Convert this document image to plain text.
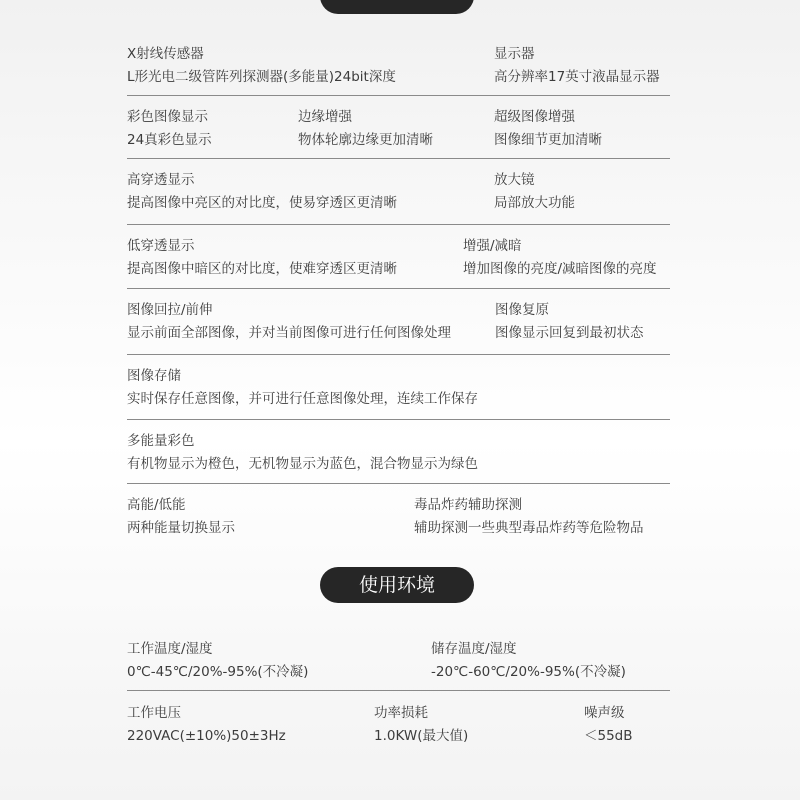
X射线传感器
L形光电二级管阵列探测器(多能量)24bit深度
显示器
高分辨率17英寸液晶显示器
彩色图像显示
24真彩色显示
边缘增强
物体轮廓边缘更加清晰
超级图像增强
图像细节更加清晰
高穿透显示
提高图像中亮区的对比度，使易穿透区更清晰
放大镜
局部放大功能
低穿透显示
提高图像中暗区的对比度，使难穿透区更清晰
增强/减暗
增加图像的亮度/减暗图像的亮度
图像回拉/前伸
显示前面全部图像，并对当前图像可进行任何图像处理
图像复原
图像显示回复到最初状态
图像存储
实时保存任意图像，并可进行任意图像处理，连续工作保存
多能量彩色
有机物显示为橙色，无机物显示为蓝色，混合物显示为绿色
高能/低能
两种能量切换显示
毒品炸药辅助探测
辅助探测一些典型毒品炸药等危险物品
使用环境
工作温度/湿度
0℃-45℃/20%-95%(不冷凝)
储存温度/湿度
-20℃-60℃/20%-95%(不冷凝)
工作电压
220VAC(±10%)50±3Hz
功率损耗
1.0KW(最大值)
噪声级
＜55dB
